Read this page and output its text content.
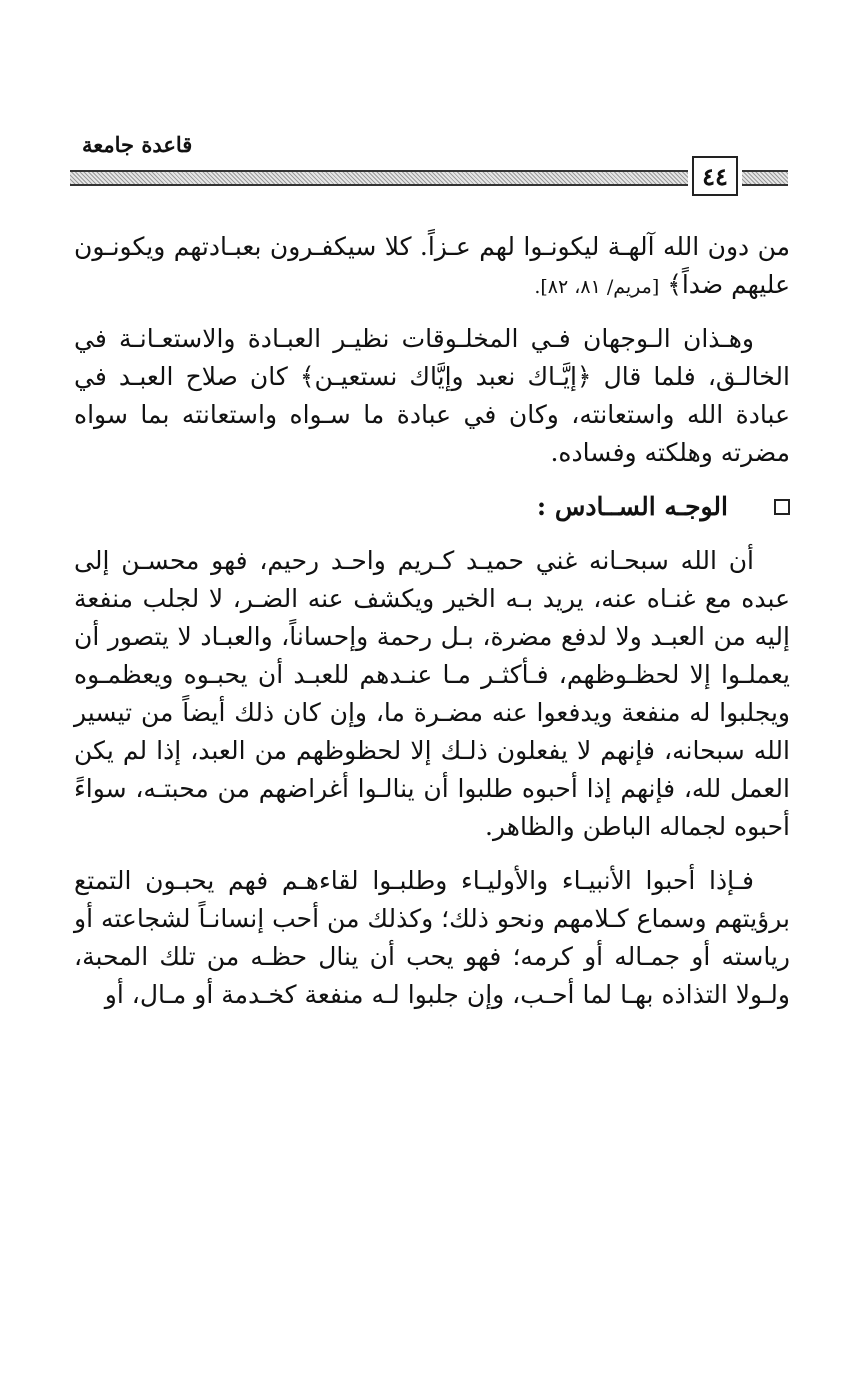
قاعدة جامعة
٤٤

من دون الله آلهـة ليكونـوا لهم عـزاً. كلا سيكفـرون بعبـادتهم ويكونـون عليهم ضداً﴾ [مريم/ ٨١، ٨٢].

وهـذان الـوجهان فـي المخلـوقات نظيـر العبـادة والاستعـانـة في الخالـق، فلما قال ﴿إيَّـاك نعبد وإيَّاك نستعيـن﴾ كان صلاح العبـد في عبادة الله واستعانته، وكان في عبادة ما سـواه واستعانته بما سواه مضرته وهلكته وفساده.

الوجـه الســادس :

أن الله سبحـانه غني حميـد كـريم واحـد رحيم، فهو محسـن إلى عبده مع غنـاه عنه، يريد بـه الخير ويكشف عنه الضـر، لا لجلب منفعة إليه من العبـد ولا لدفع مضرة، بـل رحمة وإحساناً، والعبـاد لا يتصور أن يعملـوا إلا لحظـوظهم، فـأكثـر مـا عنـدهم للعبـد أن يحبـوه ويعظمـوه ويجلبوا له منفعة ويدفعوا عنه مضـرة ما، وإن كان ذلك أيضاً من تيسير الله سبحانه، فإنهم لا يفعلون ذلـك إلا لحظوظهم من العبد، إذا لم يكن العمل لله، فإنهم إذا أحبوه طلبوا أن ينالـوا أغراضهم من محبتـه، سواءً أحبوه لجماله الباطن والظاهر.

فـإذا أحبوا الأنبيـاء والأوليـاء وطلبـوا لقاءهـم فهم يحبـون التمتع برؤيتهم وسماع كـلامهم ونحو ذلك؛ وكذلك من أحب إنسانـاً لشجاعته أو رياسته أو جمـاله أو كرمه؛ فهو يحب أن ينال حظـه من تلك المحبة، ولـولا التذاذه بهـا لما أحـب، وإن جلبوا لـه منفعة كخـدمة أو مـال، أو
